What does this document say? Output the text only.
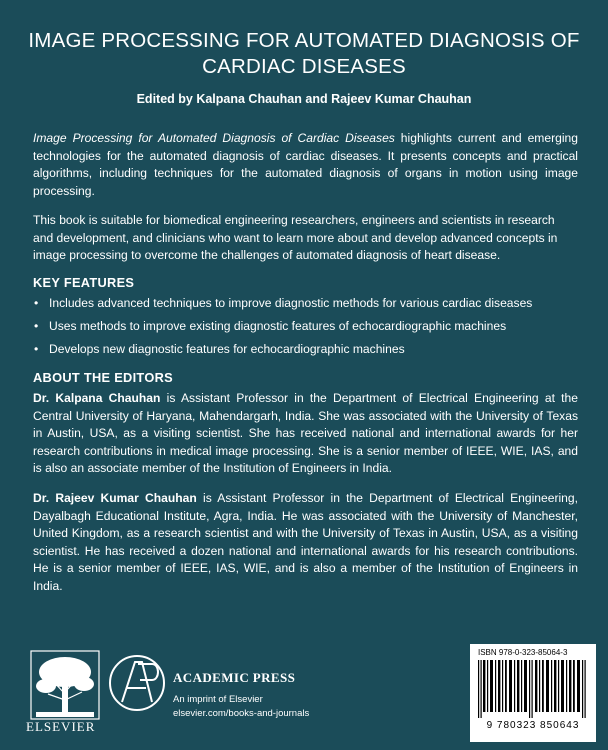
IMAGE PROCESSING FOR AUTOMATED DIAGNOSIS OF CARDIAC DISEASES
Edited by Kalpana Chauhan and Rajeev Kumar Chauhan
Image Processing for Automated Diagnosis of Cardiac Diseases highlights current and emerging technologies for the automated diagnosis of cardiac diseases. It presents concepts and practical algorithms, including techniques for the automated diagnosis of organs in motion using image processing.
This book is suitable for biomedical engineering researchers, engineers and scientists in research and development, and clinicians who want to learn more about and develop advanced concepts in image processing to overcome the challenges of automated diagnosis of heart disease.
KEY FEATURES
• Includes advanced techniques to improve diagnostic methods for various cardiac diseases
• Uses methods to improve existing diagnostic features of echocardiographic machines
• Develops new diagnostic features for echocardiographic machines
ABOUT THE EDITORS
Dr. Kalpana Chauhan is Assistant Professor in the Department of Electrical Engineering at the Central University of Haryana, Mahendargarh, India. She was associated with the University of Texas in Austin, USA, as a visiting scientist. She has received national and international awards for her research contributions in medical image processing. She is a senior member of IEEE, WIE, IAS, and is also an associate member of the Institution of Engineers in India.
Dr. Rajeev Kumar Chauhan is Assistant Professor in the Department of Electrical Engineering, Dayalbagh Educational Institute, Agra, India. He was associated with the University of Manchester, United Kingdom, as a research scientist and with the University of Texas in Austin, USA, as a visiting scientist. He has received a dozen national and international awards for his research contributions. He is a senior member of IEEE, IAS, WIE, and is also a member of the Institution of Engineers in India.
ELSEVIER
ACADEMIC PRESS
An imprint of Elsevier
elsevier.com/books-and-journals
ISBN 978-0-323-85064-3
9 780323 850643
